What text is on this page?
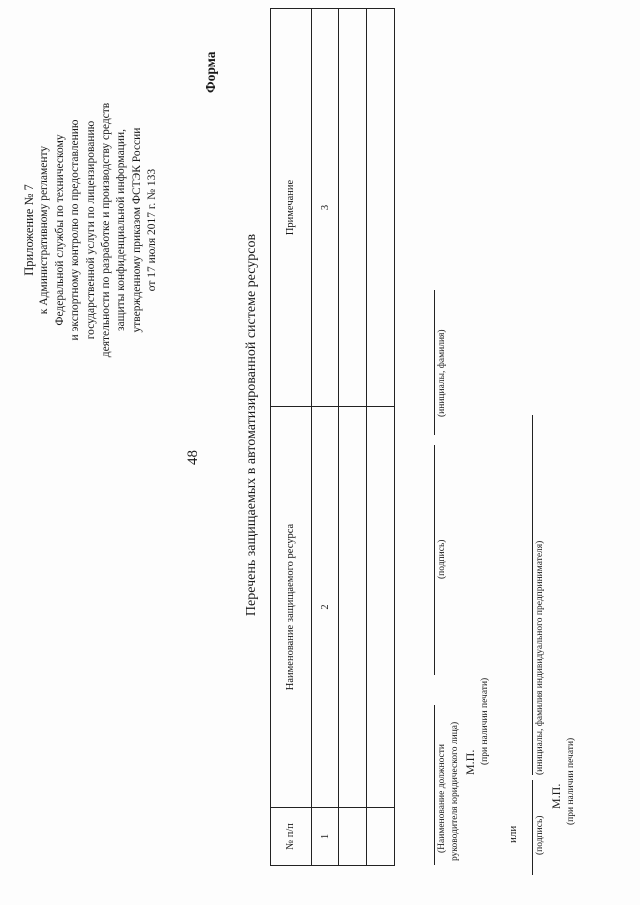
48
Приложение № 7 к Административному регламенту Федеральной службы по техническому и экспортному контролю по предоставлению государственной услуги по лицензированию деятельности по разработке и производству средств защиты конфиденциальной информации, утвержденному приказом ФСТЭК России от 17 июля 2017 г. № 133
Форма
Перечень защищаемых в автоматизированной системе ресурсов
№ п/п	Наименование защищаемого ресурса	Примечание
1	2	3

(Наименование должности руководителя юридического лица)
(подпись)
(инициалы, фамилия)
М.П. (при наличии печати)
или (подпись)
(инициалы, фамилия индивидуального предпринимателя)
М.П. (при наличии печати)
